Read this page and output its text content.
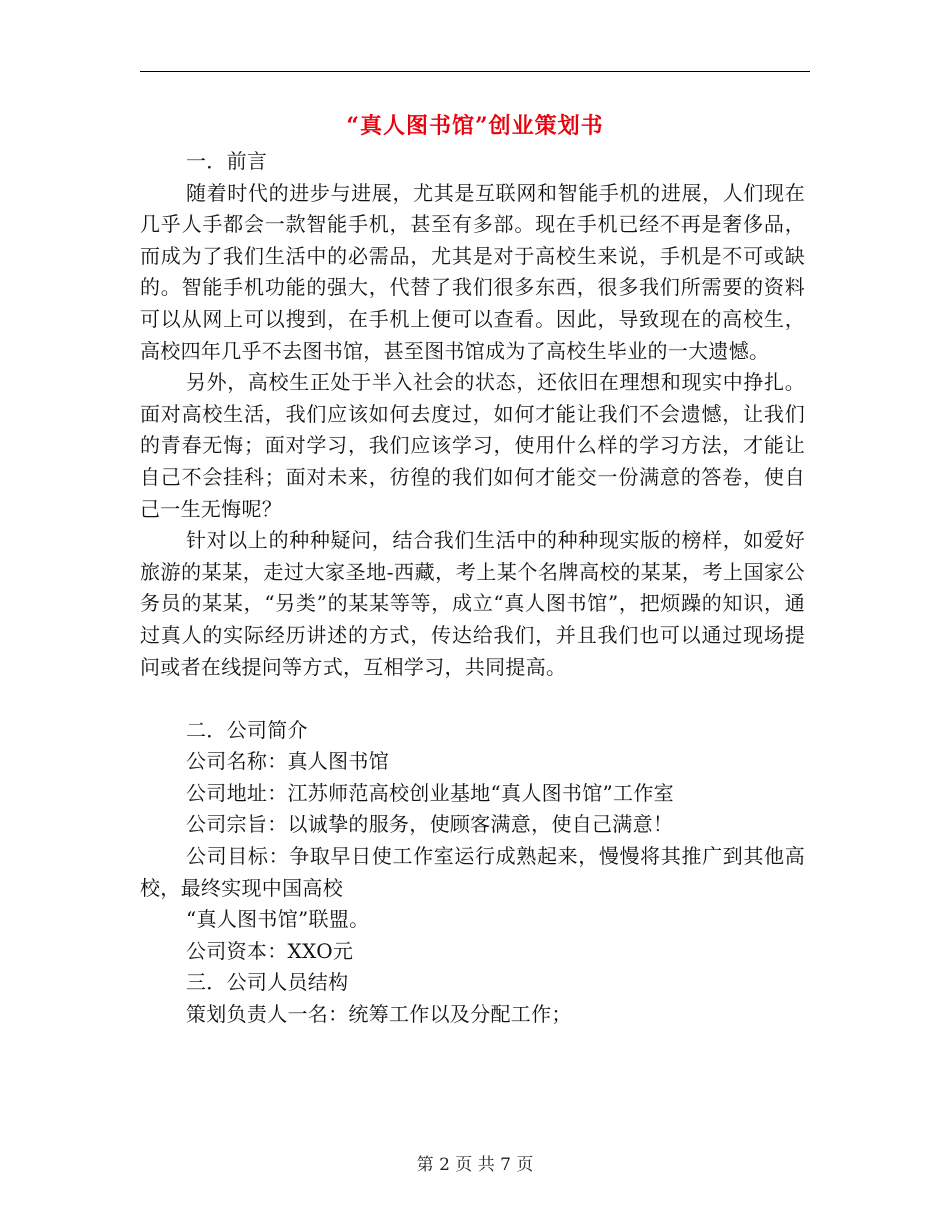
“真人图书馆”创业策划书

一．前言

随着时代的进步与进展，尤其是互联网和智能手机的进展，人们现在几乎人手都会一款智能手机，甚至有多部。现在手机已经不再是奢侈品，而成为了我们生活中的必需品，尤其是对于高校生来说，手机是不可或缺的。智能手机功能的强大，代替了我们很多东西，很多我们所需要的资料可以从网上可以搜到，在手机上便可以查看。因此，导致现在的高校生，高校四年几乎不去图书馆，甚至图书馆成为了高校生毕业的一大遗憾。

另外，高校生正处于半入社会的状态，还依旧在理想和现实中挣扎。面对高校生活，我们应该如何去度过，如何才能让我们不会遗憾，让我们的青春无悔；面对学习，我们应该学习，使用什么样的学习方法，才能让自己不会挂科；面对未来，彷徨的我们如何才能交一份满意的答卷，使自己一生无悔呢？

针对以上的种种疑问，结合我们生活中的种种现实版的榜样，如爱好旅游的某某，走过大家圣地-西藏，考上某个名牌高校的某某，考上国家公务员的某某，“另类”的某某等等，成立“真人图书馆”，把烦躁的知识，通过真人的实际经历讲述的方式，传达给我们，并且我们也可以通过现场提问或者在线提问等方式，互相学习，共同提高。

二．公司简介

公司名称：真人图书馆

公司地址：江苏师范高校创业基地“真人图书馆”工作室

公司宗旨：以诚挚的服务，使顾客满意，使自己满意！

公司目标：争取早日使工作室运行成熟起来，慢慢将其推广到其他高校，最终实现中国高校

“真人图书馆”联盟。

公司资本：XXO元

三．公司人员结构

策划负责人一名：统筹工作以及分配工作；

第 2 页 共 7 页
